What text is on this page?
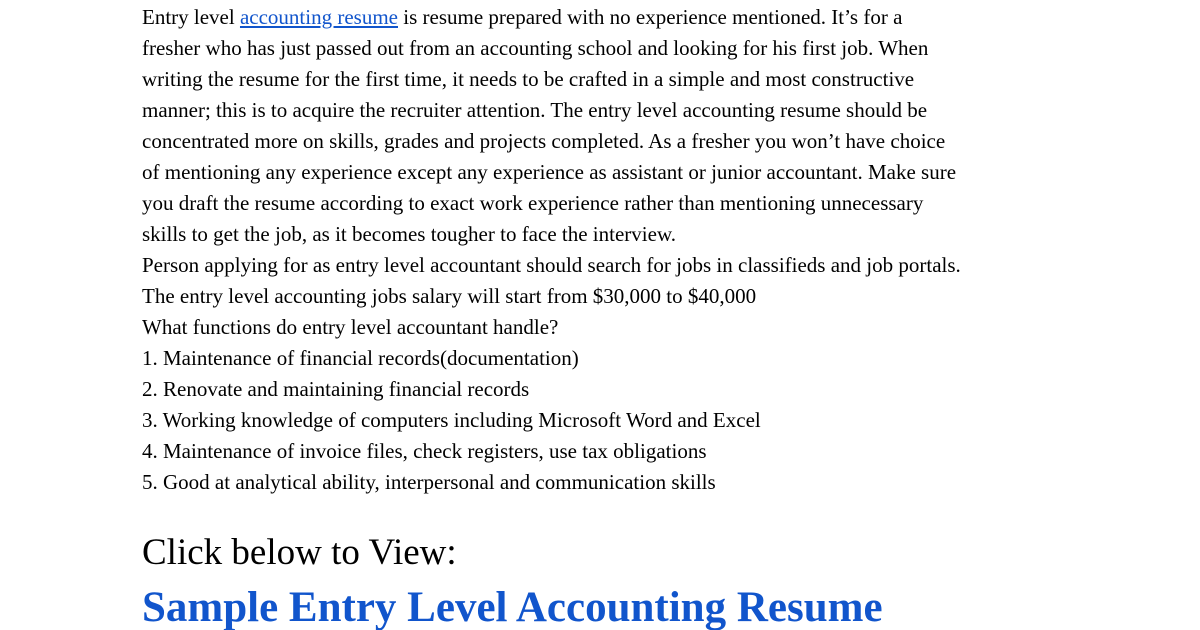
Entry level accounting resume is resume prepared with no experience mentioned. It’s for a
fresher who has just passed out from an accounting school and looking for his first job. When
writing the resume for the first time, it needs to be crafted in a simple and most constructive
manner; this is to acquire the recruiter attention. The entry level accounting resume should be
concentrated more on skills, grades and projects completed. As a fresher you won’t have choice
of mentioning any experience except any experience as assistant or junior accountant. Make sure
you draft the resume according to exact work experience rather than mentioning unnecessary
skills to get the job, as it becomes tougher to face the interview.
Person applying for as entry level accountant should search for jobs in classifieds and job portals.
The entry level accounting jobs salary will start from $30,000 to $40,000
What functions do entry level accountant handle?
1. Maintenance of financial records(documentation)
2. Renovate and maintaining financial records
3. Working knowledge of computers including Microsoft Word and Excel
4. Maintenance of invoice files, check registers, use tax obligations
5. Good at analytical ability, interpersonal and communication skills
Click below to View:
Sample Entry Level Accounting Resume
